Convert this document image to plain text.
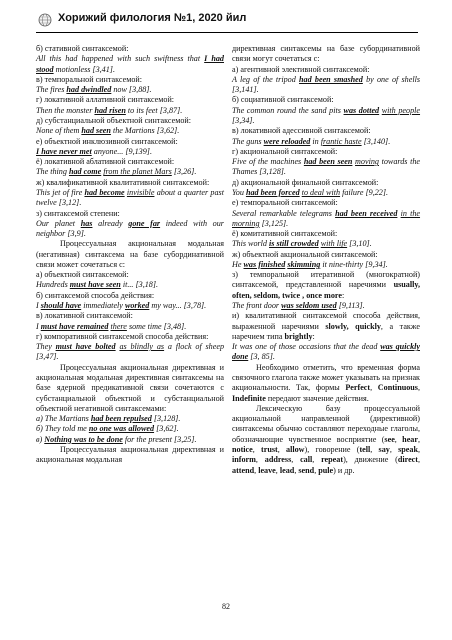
Хорижий филология №1, 2020 йил

б) стативной синтаксемой:
All this had happened with such swiftness that I had stood motionless [3,41].

в) темпоральной синтаксемой:
The fires had dwindled now [3,88].

г) локативной аллативной синтаксемой:
Then the monster had risen to its feet [3,87].

д) субстанциальной объектной синтаксемой:
None of them had seen the Martions [3,62].

е) объектной инклюзивной синтаксемой:
I have never met anyone... [9,139].

ё) локативной аблативной синтаксемой:
The thing had come from the planet Mars [3,26].

ж) квалификативной квалитативной синтаксемой:
This jet of fire had become invisible about a quarter past twelve [3,12].

з) синтаксемой степени:
Our planet has already gone far indeed with our neighbor [3,9].

Процессуальная акциональная модальная (негативная) синтаксема на базе субординативной связи может сочетаться с:

а) объектной синтаксемой:
Hundreds must have seen it... [3,18].

б) синтаксемой способа действия:
I should have immediately worked my way... [3,78].

в) локативной синтаксемой:
I must have remained there some time [3,48].

г) компоративной синтаксемой способа действия:
They must have bolted as blindly as a flock of sheep [3,47].

Процессуальная акциональная директивная и акциональная модальная директивная синтаксемы на базе ядерной предикативной связи сочетаются с субстанциальной объектной и субстанциальной объектной негативной синтаксемами:

a) The Martians had been repulsed [3,128].

б) They told me no one was allowed [3,62].

в) Nothing was to be done for the present [3,25].

Процессуальная акциональная директивная и акциональная модальная

директивная синтаксемы на базе субординативной связи могут сочетаться с:

а) агентивной элективной синтаксемой:
A leg of the tripod had been smashed by one of shells [3,141].

б) социативной синтаксемой:
The common round the sand pits was dotted with people [3,34].

в) локативной адессивной синтаксемой:
The guns were reloaded in frantic haste [3,140].

г) акциональной синтаксемой:
Five of the machines had been seen moving towards the Thames [3,128].

д) акциональной финальной синтаксемой:
You had been forced to deal with failure [9,22].

е) темпоральной синтаксемой:
Several remarkable telegrams had been received in the morning [3,125].

ё) комитативной синтаксемой:
This world is still crowded with life [3,10].

ж) объектной акциональной синтаксемой:
He was finished skimming it nine-thirty [9,34].

з) темпоральной итеративной (многократной) синтаксемой, представленной наречиями usually, often, seldom, twice , once more:

The front door was seldom used [9,113].

и) квалитативной синтаксемой способа действия, выраженной наречиями slowly, quickly, а также наречием типа brightly:

It was one of those occasions that the dead was quickly done [3, 85].

Необходимо отметить, что временная форма связочного глагола также может указывать на признак акциональности. Так, формы Perfect, Continuous, Indefinite передают значение действия.

Лексическую базу процессуальной акциональной направленной (директивной) синтаксемы обычно составляют переходные глаголы, обозначающие чувственное восприятие (see, hear, notice, trust, allow), говорение (tell, say, speak, inform, address, call, repeat), движение (direct, attend, leave, lead, send, pule) и др.

82
